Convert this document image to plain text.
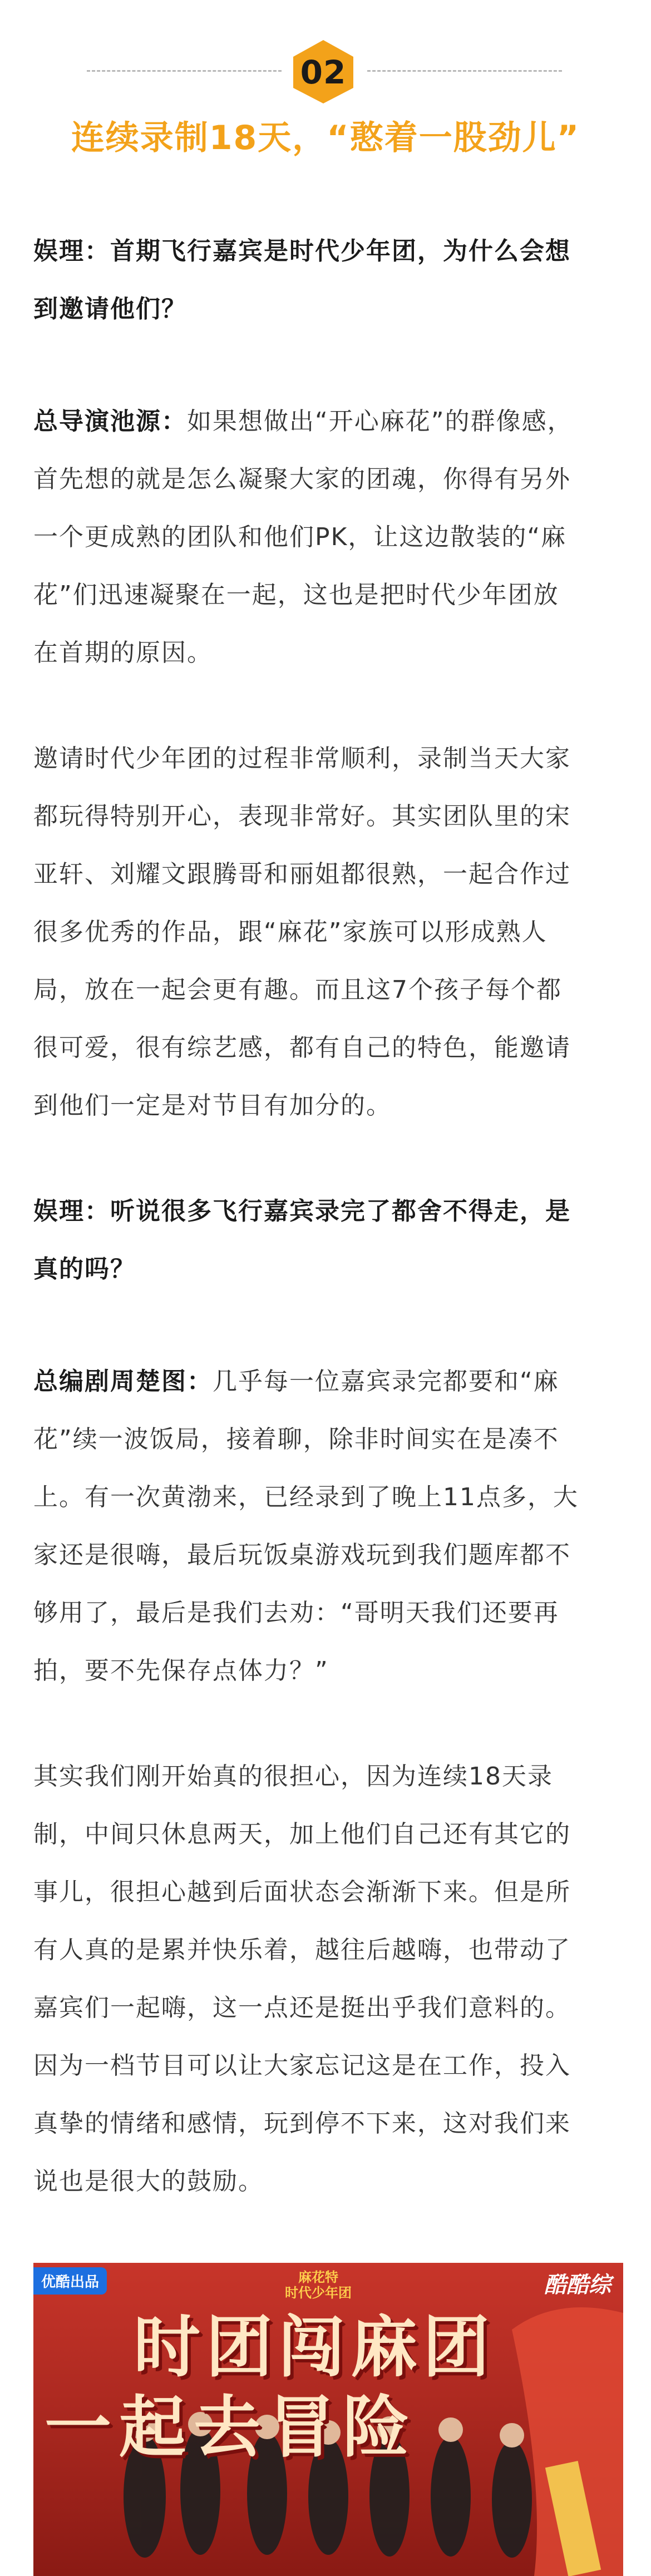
02
连续录制18天，“憨着一股劲儿”
娱理：首期飞行嘉宾是时代少年团，为什么会想
到邀请他们？
总导演池源：如果想做出“开心麻花”的群像感，
首先想的就是怎么凝聚大家的团魂，你得有另外
一个更成熟的团队和他们PK，让这边散装的“麻
花”们迅速凝聚在一起，这也是把时代少年团放
在首期的原因。
邀请时代少年团的过程非常顺利，录制当天大家
都玩得特别开心，表现非常好。其实团队里的宋
亚轩、刘耀文跟腾哥和丽姐都很熟，一起合作过
很多优秀的作品，跟“麻花”家族可以形成熟人
局，放在一起会更有趣。而且这7个孩子每个都
很可爱，很有综艺感，都有自己的特色，能邀请
到他们一定是对节目有加分的。
娱理：听说很多飞行嘉宾录完了都舍不得走，是
真的吗？
总编剧周楚图：几乎每一位嘉宾录完都要和“麻
花”续一波饭局，接着聊，除非时间实在是凑不
上。有一次黄渤来，已经录到了晚上11点多，大
家还是很嗨，最后玩饭桌游戏玩到我们题库都不
够用了，最后是我们去劝：“哥明天我们还要再
拍，要不先保存点体力？”
其实我们刚开始真的很担心，因为连续18天录
制，中间只休息两天，加上他们自己还有其它的
事儿，很担心越到后面状态会渐渐下来。但是所
有人真的是累并快乐着，越往后越嗨，也带动了
嘉宾们一起嗨，这一点还是挺出乎我们意料的。
因为一档节目可以让大家忘记这是在工作，投入
真挚的情绪和感情，玩到停不下来，这对我们来
说也是很大的鼓励。
优酷出品	酷酷综
麻花特
时代少年团
时团闯麻团
一起去冒险
